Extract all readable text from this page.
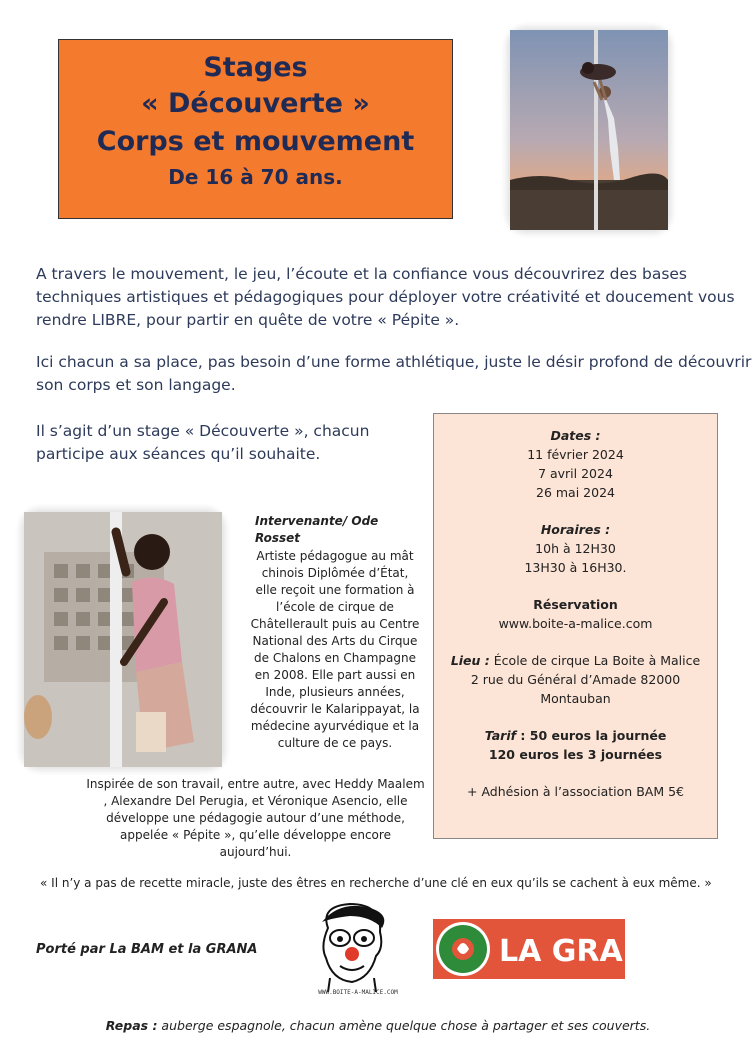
Stages
« Découverte »
Corps et mouvement
De 16 à 70 ans.
A travers le mouvement, le jeu, l’écoute et la confiance vous découvrirez des bases techniques artistiques et pédagogiques pour déployer votre créativité et doucement vous rendre LIBRE, pour partir en quête de votre « Pépite ».
Ici chacun a sa place, pas besoin d’une forme athlétique, juste le désir profond de découvrir son corps et son langage.
Il s’agit d’un stage « Découverte », chacun participe aux séances qu’il souhaite.
Dates :
11 février 2024
7 avril 2024
26 mai 2024
Horaires :
10h à 12H30
13H30 à 16H30.
Réservation
www.boite-a-malice.com
Lieu : École de cirque La Boite à Malice
2 rue du Général d’Amade 82000
Montauban
Tarif : 50 euros la journée
120 euros les 3 journées
+ Adhésion à l’association BAM 5€
Intervenante/ Ode Rosset
Artiste pédagogue au mât chinois Diplômée d’État, elle reçoit une formation à l’école de cirque de Châtellerault puis au Centre National des Arts du Cirque de Chalons en Champagne en 2008. Elle part aussi en Inde, plusieurs années, découvrir le Kalarippayat, la médecine ayurvédique et la culture de ce pays.
Inspirée de son travail, entre autre, avec Heddy Maalem , Alexandre Del Perugia, et Véronique Asencio, elle développe une pédagogie autour d’une méthode, appelée « Pépite », qu’elle développe encore aujourd’hui.
« Il n’y a pas de recette miracle, juste des êtres en recherche d’une clé en eux qu’ils se cachent à eux même. »
Porté par La BAM et la GRANA
WWW.BOITE-A-MALICE.COM
LA GRANA
Repas : auberge espagnole, chacun amène quelque chose à partager et ses couverts.
